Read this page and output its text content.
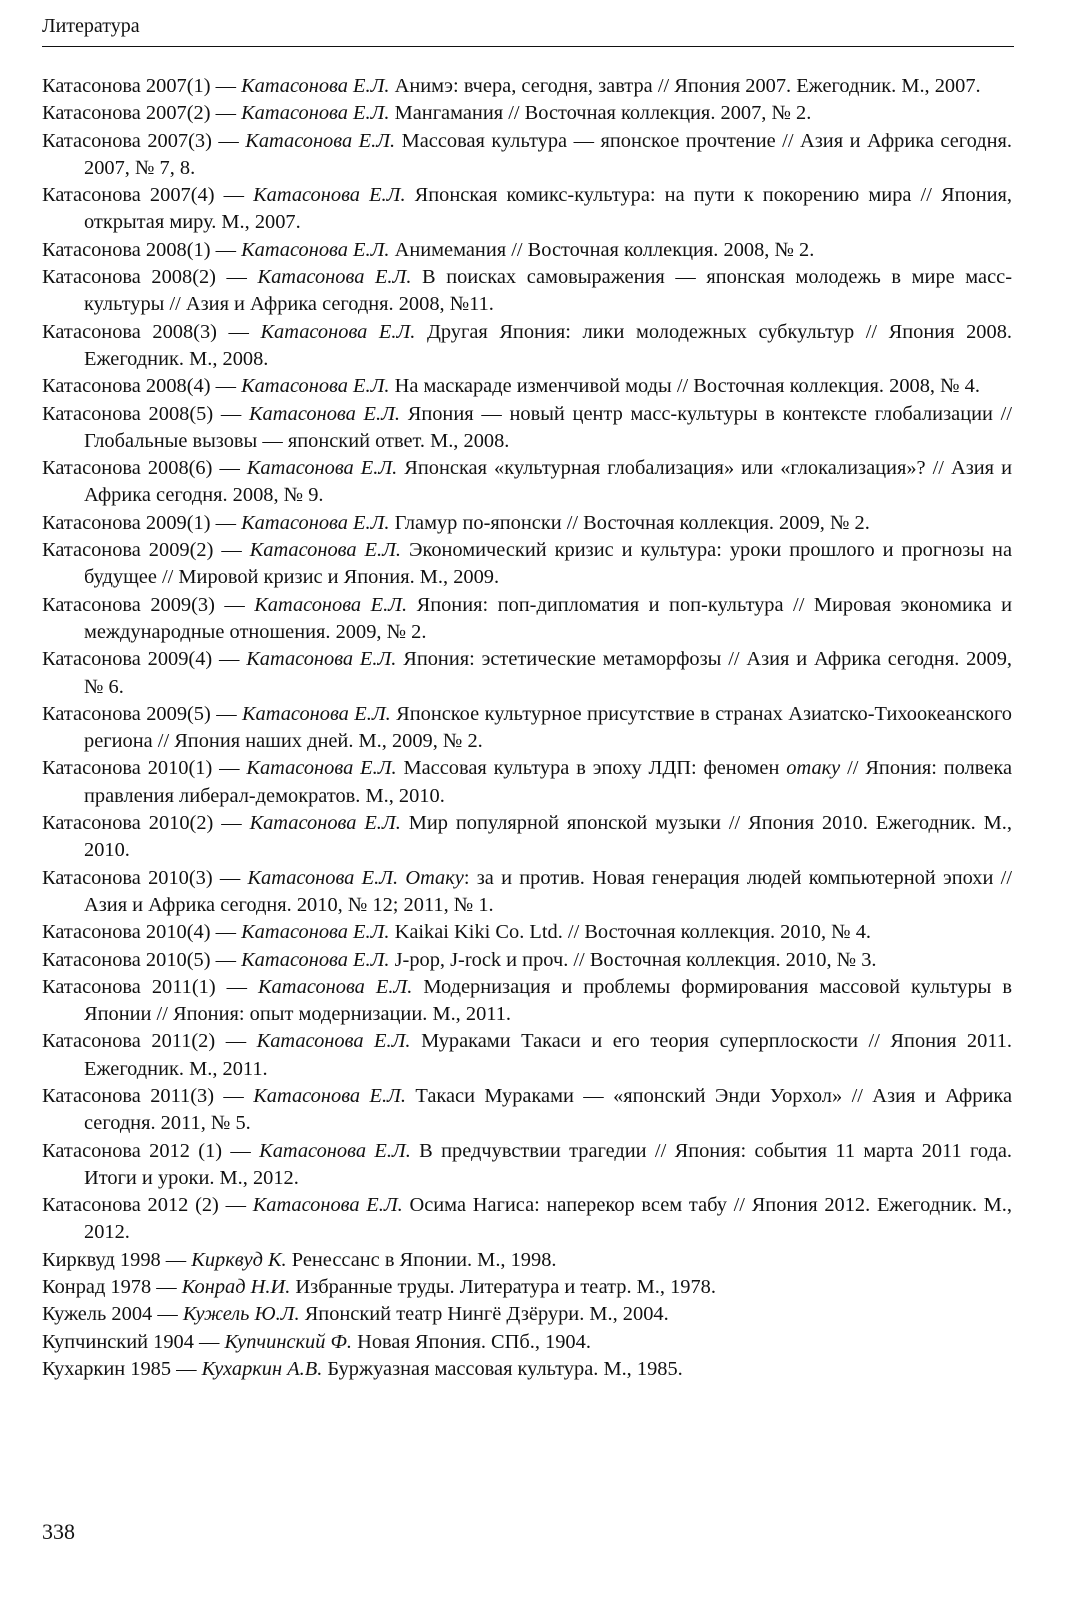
Литература
Катасонова 2007(1) — Катасонова Е.Л. Анимэ: вчера, сегодня, завтра // Япония 2007. Ежегодник. М., 2007.
Катасонова 2007(2) — Катасонова Е.Л. Мангамания // Восточная коллекция. 2007, № 2.
Катасонова 2007(3) — Катасонова Е.Л. Массовая культура — японское прочтение // Азия и Африка сегодня. 2007, № 7, 8.
Катасонова 2007(4) — Катасонова Е.Л. Японская комикс-культура: на пути к покорению мира // Япония, открытая миру. М., 2007.
Катасонова 2008(1) — Катасонова Е.Л. Анимемания // Восточная коллекция. 2008, № 2.
Катасонова 2008(2) — Катасонова Е.Л. В поисках самовыражения — японская молодежь в мире масс-культуры // Азия и Африка сегодня. 2008, №11.
Катасонова 2008(3) — Катасонова Е.Л. Другая Япония: лики молодежных субкультур // Япония 2008. Ежегодник. М., 2008.
Катасонова 2008(4) — Катасонова Е.Л. На маскараде изменчивой моды // Восточная коллекция. 2008, № 4.
Катасонова 2008(5) — Катасонова Е.Л. Япония — новый центр масс-культуры в контексте глобализации // Глобальные вызовы — японский ответ. М., 2008.
Катасонова 2008(6) — Катасонова Е.Л. Японская «культурная глобализация» или «глокализация»? // Азия и Африка сегодня. 2008, № 9.
Катасонова 2009(1) — Катасонова Е.Л. Гламур по-японски // Восточная коллекция. 2009, № 2.
Катасонова 2009(2) — Катасонова Е.Л. Экономический кризис и культура: уроки прошлого и прогнозы на будущее // Мировой кризис и Япония. М., 2009.
Катасонова 2009(3) — Катасонова Е.Л. Япония: поп-дипломатия и поп-культура // Мировая экономика и международные отношения. 2009, № 2.
Катасонова 2009(4) — Катасонова Е.Л. Япония: эстетические метаморфозы // Азия и Африка сегодня. 2009, № 6.
Катасонова 2009(5) — Катасонова Е.Л. Японское культурное присутствие в странах Азиатско-Тихоокеанского региона // Япония наших дней. М., 2009, № 2.
Катасонова 2010(1) — Катасонова Е.Л. Массовая культура в эпоху ЛДП: феномен отаку // Япония: полвека правления либерал-демократов. М., 2010.
Катасонова 2010(2) — Катасонова Е.Л. Мир популярной японской музыки // Япония 2010. Ежегодник. М., 2010.
Катасонова 2010(3) — Катасонова Е.Л. Отаку: за и против. Новая генерация людей компьютерной эпохи // Азия и Африка сегодня. 2010, № 12; 2011, № 1.
Катасонова 2010(4) — Катасонова Е.Л. Kaikai Kiki Co. Ltd. // Восточная коллекция. 2010, № 4.
Катасонова 2010(5) — Катасонова Е.Л. J-pop, J-rock и проч. // Восточная коллекция. 2010, № 3.
Катасонова 2011(1) — Катасонова Е.Л. Модернизация и проблемы формирования массовой культуры в Японии // Япония: опыт модернизации. М., 2011.
Катасонова 2011(2) — Катасонова Е.Л. Мураками Такаси и его теория суперплоскости // Япония 2011. Ежегодник. М., 2011.
Катасонова 2011(3) — Катасонова Е.Л. Такаси Мураками — «японский Энди Уорхол» // Азия и Африка сегодня. 2011, № 5.
Катасонова 2012 (1) — Катасонова Е.Л. В предчувствии трагедии // Япония: события 11 марта 2011 года. Итоги и уроки. М., 2012.
Катасонова 2012 (2) — Катасонова Е.Л. Осима Нагиса: наперекор всем табу // Япония 2012. Ежегодник. М., 2012.
Кирквуд 1998 — Кирквуд К. Ренессанс в Японии. М., 1998.
Конрад 1978 — Конрад Н.И. Избранные труды. Литература и театр. М., 1978.
Кужель 2004 — Кужель Ю.Л. Японский театр Нингё Дзёрури. М., 2004.
Купчинский 1904 — Купчинский Ф. Новая Япония. СПб., 1904.
Кухаркин 1985 — Кухаркин А.В. Буржуазная массовая культура. М., 1985.
338
